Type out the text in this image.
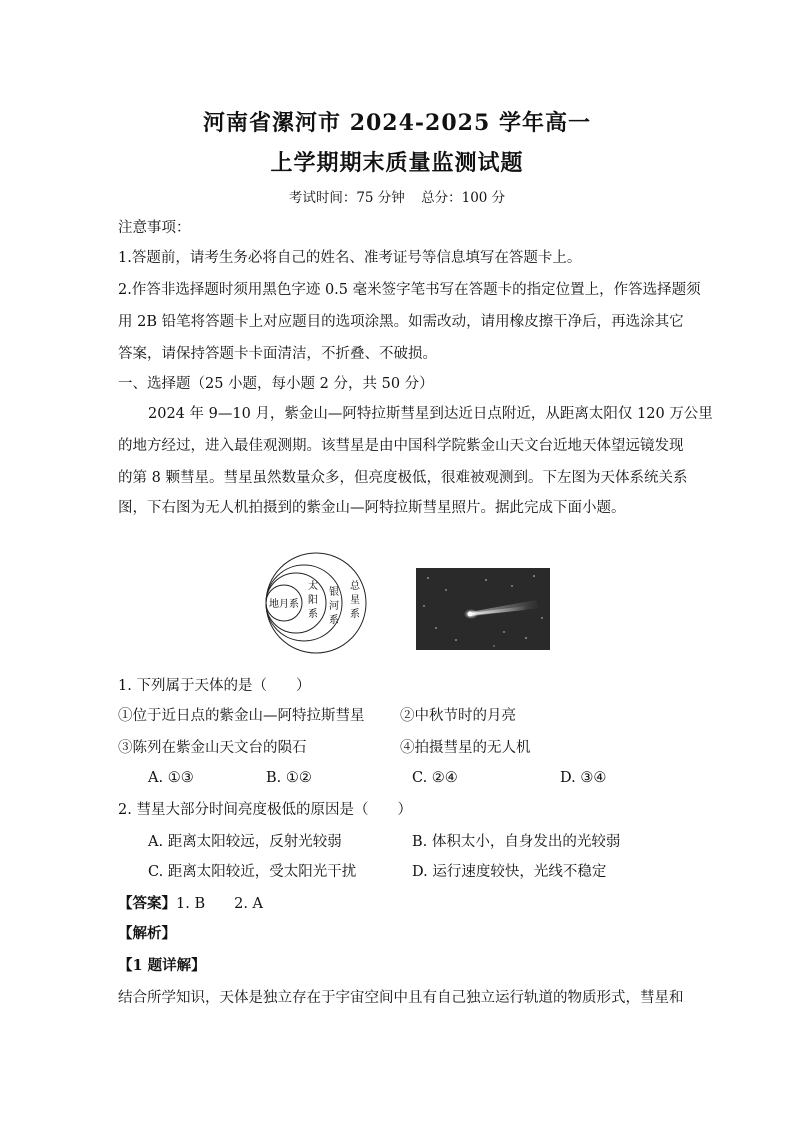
河南省漯河市 2024-2025 学年高一
上学期期末质量监测试题
考试时间：75 分钟 总分：100 分
注意事项：
1.答题前，请考生务必将自己的姓名、准考证号等信息填写在答题卡上。
2.作答非选择题时须用黑色字迹 0.5 毫米签字笔书写在答题卡的指定位置上，作答选择题须
用 2B 铅笔将答题卡上对应题目的选项涂黑。如需改动，请用橡皮擦干净后，再选涂其它
答案，请保持答题卡卡面清洁，不折叠、不破损。
一、选择题（25 小题，每小题 2 分，共 50 分）
2024 年 9—10 月，紫金山—阿特拉斯彗星到达近日点附近，从距离太阳仅 120 万公里
的地方经过，进入最佳观测期。该彗星是由中国科学院紫金山天文台近地天体望远镜发现
的第 8 颗彗星。彗星虽然数量众多，但亮度极低，很难被观测到。下左图为天体系统关系
图，下右图为无人机拍摄到的紫金山—阿特拉斯彗星照片。据此完成下面小题。
地月系
太
阳
系
银
河
系
总
星
系
1. 下列属于天体的是（　　）
①位于近日点的紫金山—阿特拉斯彗星 ②中秋节时的月亮
③陈列在紫金山天文台的陨石	④拍摄彗星的无人机
A. ①③	B. ①②	C. ②④	D. ③④
2. 彗星大部分时间亮度极低的原因是（　　）
A. 距离太阳较远，反射光较弱	B. 体积太小，自身发出的光较弱
C. 距离太阳较近，受太阳光干扰	D. 运行速度较快，光线不稳定
【答案】1. B　　2. A
【解析】
【1 题详解】
结合所学知识，天体是独立存在于宇宙空间中且有自己独立运行轨道的物质形式，彗星和
